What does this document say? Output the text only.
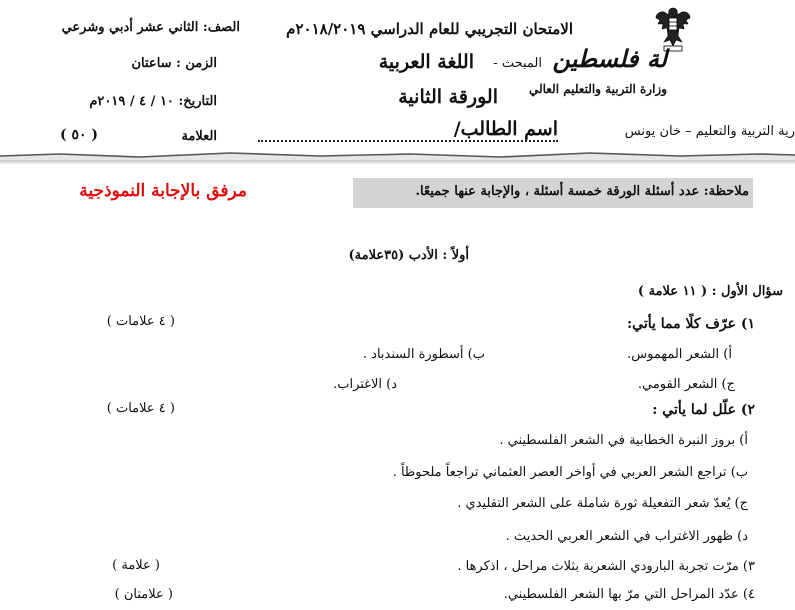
لة فلسطين
وزارة التربية والتعليم العالي
رية التربية والتعليم – خان يونس
الامتحان التجريبي للعام الدراسي ٢٠١٨/٢٠١٩م
المبحث -
اللغة العربية
الورقة الثانية
اسم الطالب/
الصف: الثاني عشر أدبي وشرعي
الزمن : ساعتان
التاريخ: ١٠ / ٤ / ٢٠١٩م
العلامة
( ٥٠ )
ملاحظة: عدد أسئلة الورقة خمسة أسئلة ، والإجابة عنها جميعًا.
مرفق بالإجابة النموذجية
أولاً : الأدب (٣٥علامة)
سؤال الأول : ( ١١ علامة )
١) عرّف كلًا مما يأتي:
( ٤ علامات )
أ) الشعر المهموس.
ب) أسطورة السندباد .
ج) الشعر القومي.
د) الاغتراب.
٢) علّل لما يأتي :
( ٤ علامات )
أ) بروز النبرة الخطابية في الشعر الفلسطيني .
ب) تراجع الشعر العربي في أواخر العصر العثماني تراجعاً ملحوظاً .
ج) يُعدّ شعر التفعيلة ثورة شاملة على الشعر التقليدي .
د) ظهور الاغتراب في الشعر العربي الحديث .
٣) مرّت تجربة البارودي الشعرية بثلاث مراحل ، اذكرها .
( علامة )
٤) عدّد المراحل التي مرّ بها الشعر الفلسطيني.
( علامتان )
